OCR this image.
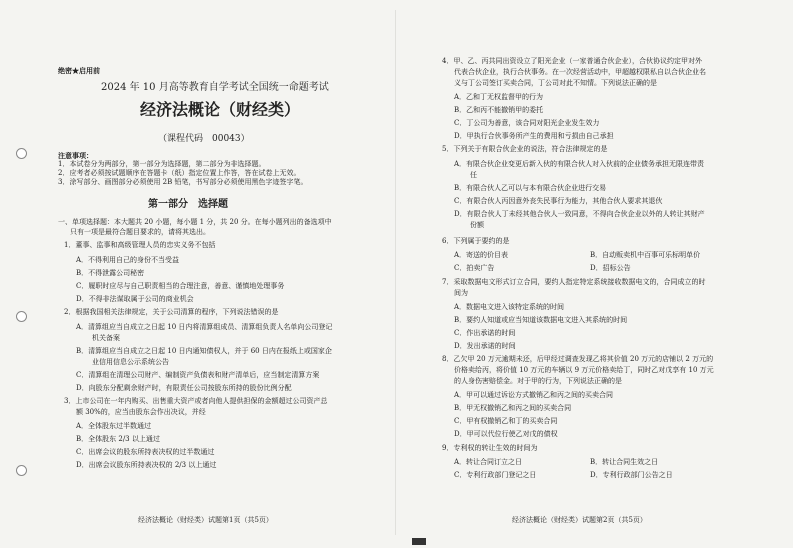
绝密★启用前
2024 年 10 月高等教育自学考试全国统一命题考试
经济法概论（财经类）
（课程代码　00043）
注意事项：
1．本试卷分为两部分，第一部分为选择题，第二部分为非选择题。
2．应考者必须按试题顺序在答题卡（纸）指定位置上作答，答在试卷上无效。
3．涂写部分、画图部分必须使用 2B 铅笔，书写部分必须使用黑色字迹签字笔。
第一部分　选择题
一、单项选择题：本大题共 20 小题，每小题 1 分，共 20 分。在每小题列出的备选项中
只有一项是最符合题目要求的，请将其选出。
1．董事、监事和高级管理人员的忠实义务不包括
A．不得利用自己的身份不当受益
B．不得泄露公司秘密
C．履职时应尽与自己职责相当的合理注意，善意、谨慎地处理事务
D．不得非法谋取属于公司的商业机会
2．根据我国相关法律规定，关于公司清算的程序，下列说法错误的是
A．清算组应当自成立之日起 10 日内将清算组成员、清算组负责人名单向公司登记
机关备案
B．清算组应当自成立之日起 10 日内通知债权人，并于 60 日内在报纸上或国家企
业信用信息公示系统公告
C．清算组在清理公司财产、编制资产负债表和财产清单后，应当制定清算方案
D．向股东分配剩余财产时，有限责任公司按股东所持的股份比例分配
3．上市公司在一年内购买、出售重大资产或者向他人提供担保的金额超过公司资产总
额 30%的，应当由股东会作出决议，并经
A．全体股东过半数通过
B．全体股东 2/3 以上通过
C．出席会议的股东所持表决权的过半数通过
D．出席会议股东所持表决权的 2/3 以上通过
经济法概论（财经类）试题第1页（共5页）
4．甲、乙、丙共同出资设立了阳光企业（一家普通合伙企业），合伙协议约定甲对外
代表合伙企业，执行合伙事务。在一次经营活动中，甲超越权限私自以合伙企业名
义与丁公司签订买卖合同，丁公司对此不知情。下列说法正确的是
A．乙和丁无权监督甲的行为
B．乙和丙不能撤销甲的委托
C．丁公司为善意，该合同对阳光企业发生效力
D．甲执行合伙事务所产生的费用和亏损由自己承担
5．下列关于有限合伙企业的说法，符合法律规定的是
A．有限合伙企业变更后新入伙的有限合伙人对入伙前的企业债务承担无限连带责
任
B．有限合伙人乙可以与本有限合伙企业进行交易
C．有限合伙人丙因意外丧失民事行为能力，其他合伙人要求其退伙
D．有限合伙人丁未经其他合伙人一致同意，不得向合伙企业以外的人转让其财产
份额
6．下列属于要约的是
A．寄送的价目表	B．自动贩卖机中百事可乐标明单价
C．拍卖广告	D．招标公告
7．采取数据电文形式订立合同，要约人指定特定系统接收数据电文的，合同成立的时
间为
A．数据电文进入该特定系统的时间
B．要约人知道或应当知道该数据电文进入其系统的时间
C．作出承诺的时间
D．发出承诺的时间
8．乙欠甲 20 万元逾期未还，后甲经过调查发现乙将其价值 20 万元的店铺以 2 万元的
价格卖给丙，将价值 10 万元的车辆以 9 万元价格卖给丁，同时乙对戊享有 10 万元
的人身伤害赔偿金。对于甲的行为，下列说法正确的是
A．甲可以通过诉讼方式撤销乙和丙之间的买卖合同
B．甲无权撤销乙和丙之间的买卖合同
C．甲有权撤销乙和丁的买卖合同
D．甲可以代位行使乙对戊的债权
9．专利权的转让生效的时间为
A．转让合同订立之日	B．转让合同生效之日
C．专利行政部门登记之日	D．专利行政部门公告之日
经济法概论（财经类）试题第2页（共5页）
